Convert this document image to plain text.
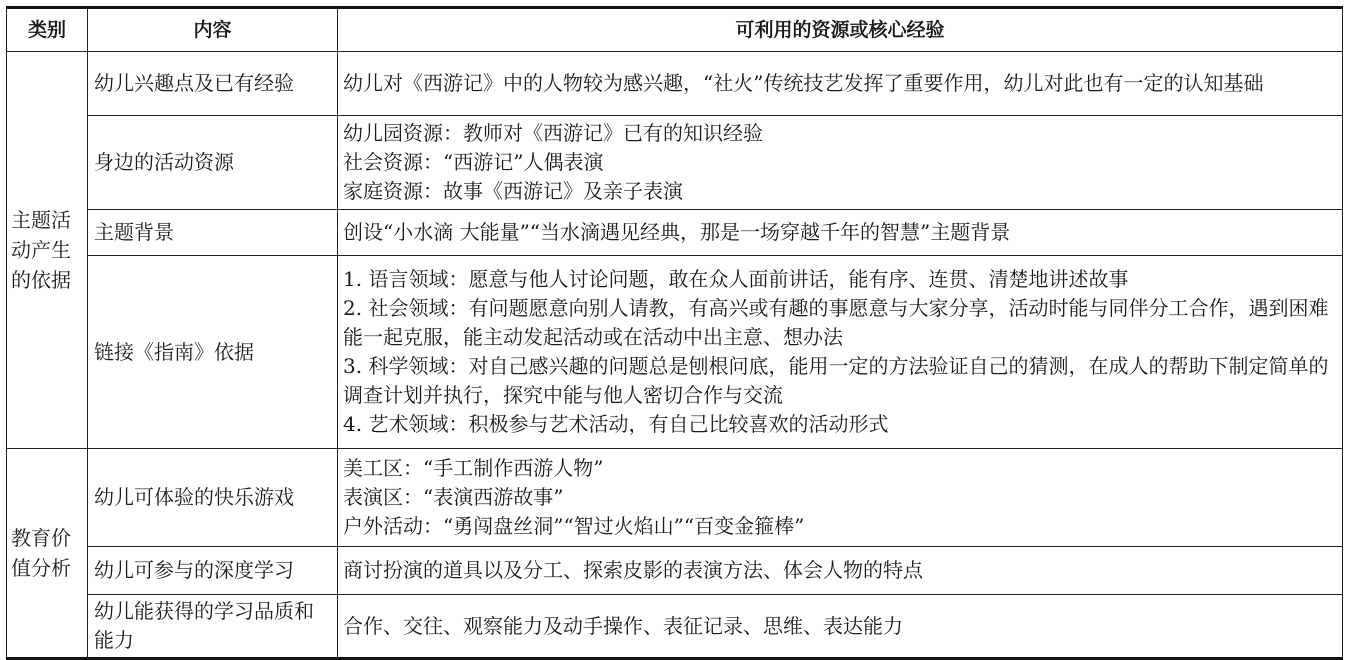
类别	内容	可利用的资源或核心经验
主题活动产生的依据	幼儿兴趣点及已有经验	幼儿对《西游记》中的人物较为感兴趣，“社火”传统技艺发挥了重要作用，幼儿对此也有一定的认知基础
	身边的活动资源	幼儿园资源：教师对《西游记》已有的知识经验
社会资源：“西游记”人偶表演
家庭资源：故事《西游记》及亲子表演

	主题背景	创设“小水滴 大能量”“当水滴遇见经典，那是一场穿越千年的智慧”主题背景
	链接《指南》依据	1. 语言领域：愿意与他人讨论问题，敢在众人面前讲话，能有序、连贯、清楚地讲述故事
2. 社会领域：有问题愿意向别人请教，有高兴或有趣的事愿意与大家分享，活动时能与同伴分工合作，遇到困难能一起克服，能主动发起活动或在活动中出主意、想办法
3. 科学领域：对自己感兴趣的问题总是刨根问底，能用一定的方法验证自己的猜测，在成人的帮助下制定简单的调查计划并执行，探究中能与他人密切合作与交流
4. 艺术领域：积极参与艺术活动，有自己比较喜欢的活动形式

教育价值分析	幼儿可体验的快乐游戏	美工区：“手工制作西游人物”
表演区：“表演西游故事”
户外活动：“勇闯盘丝洞”“智过火焰山”“百变金箍棒”

	幼儿可参与的深度学习	商讨扮演的道具以及分工、探索皮影的表演方法、体会人物的特点
	幼儿能获得的学习品质和能力	合作、交往、观察能力及动手操作、表征记录、思维、表达能力
